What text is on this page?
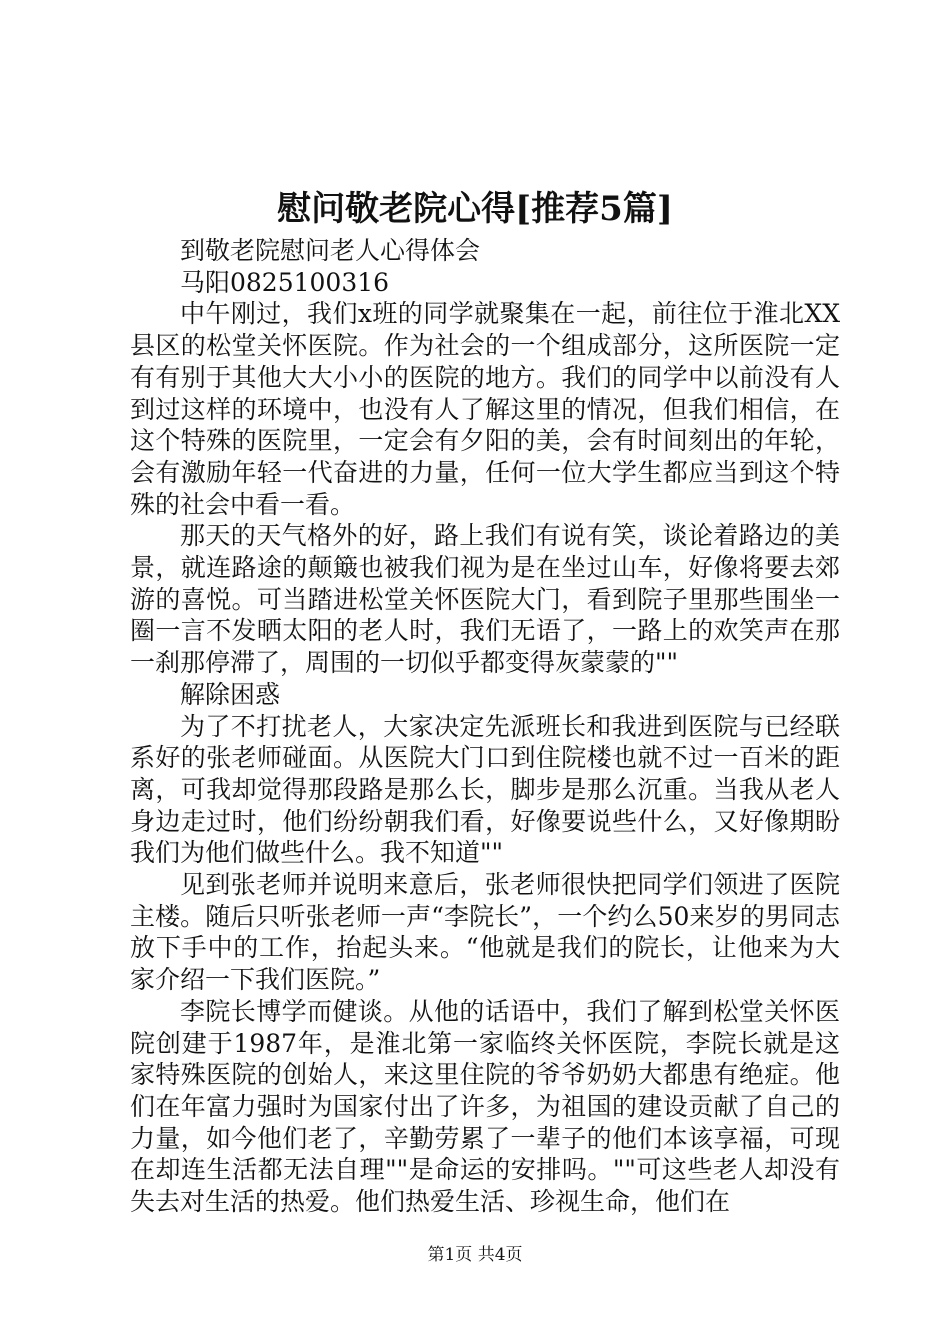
慰问敬老院心得[推荐5篇]

到敬老院慰问老人心得体会

马阳0825100316

中午刚过，我们x班的同学就聚集在一起，前往位于淮北XX县区的松堂关怀医院。作为社会的一个组成部分，这所医院一定有有别于其他大大小小的医院的地方。我们的同学中以前没有人到过这样的环境中，也没有人了解这里的情况，但我们相信，在这个特殊的医院里，一定会有夕阳的美，会有时间刻出的年轮，会有激励年轻一代奋进的力量，任何一位大学生都应当到这个特殊的社会中看一看。

那天的天气格外的好，路上我们有说有笑，谈论着路边的美景，就连路途的颠簸也被我们视为是在坐过山车，好像将要去郊游的喜悦。可当踏进松堂关怀医院大门，看到院子里那些围坐一圈一言不发晒太阳的老人时，我们无语了，一路上的欢笑声在那一刹那停滞了，周围的一切似乎都变得灰蒙蒙的""

解除困惑

为了不打扰老人，大家决定先派班长和我进到医院与已经联系好的张老师碰面。从医院大门口到住院楼也就不过一百米的距离，可我却觉得那段路是那么长，脚步是那么沉重。当我从老人身边走过时，他们纷纷朝我们看，好像要说些什么，又好像期盼我们为他们做些什么。我不知道""

见到张老师并说明来意后，张老师很快把同学们领进了医院主楼。随后只听张老师一声“李院长”，一个约么50来岁的男同志放下手中的工作，抬起头来。“他就是我们的院长，让他来为大家介绍一下我们医院。”

李院长博学而健谈。从他的话语中，我们了解到松堂关怀医院创建于1987年，是淮北第一家临终关怀医院，李院长就是这家特殊医院的创始人，来这里住院的爷爷奶奶大都患有绝症。他们在年富力强时为国家付出了许多，为祖国的建设贡献了自己的力量，如今他们老了，辛勤劳累了一辈子的他们本该享福，可现在却连生活都无法自理""是命运的安排吗。""可这些老人却没有失去对生活的热爱。他们热爱生活、珍视生命，他们在

第1页 共4页
